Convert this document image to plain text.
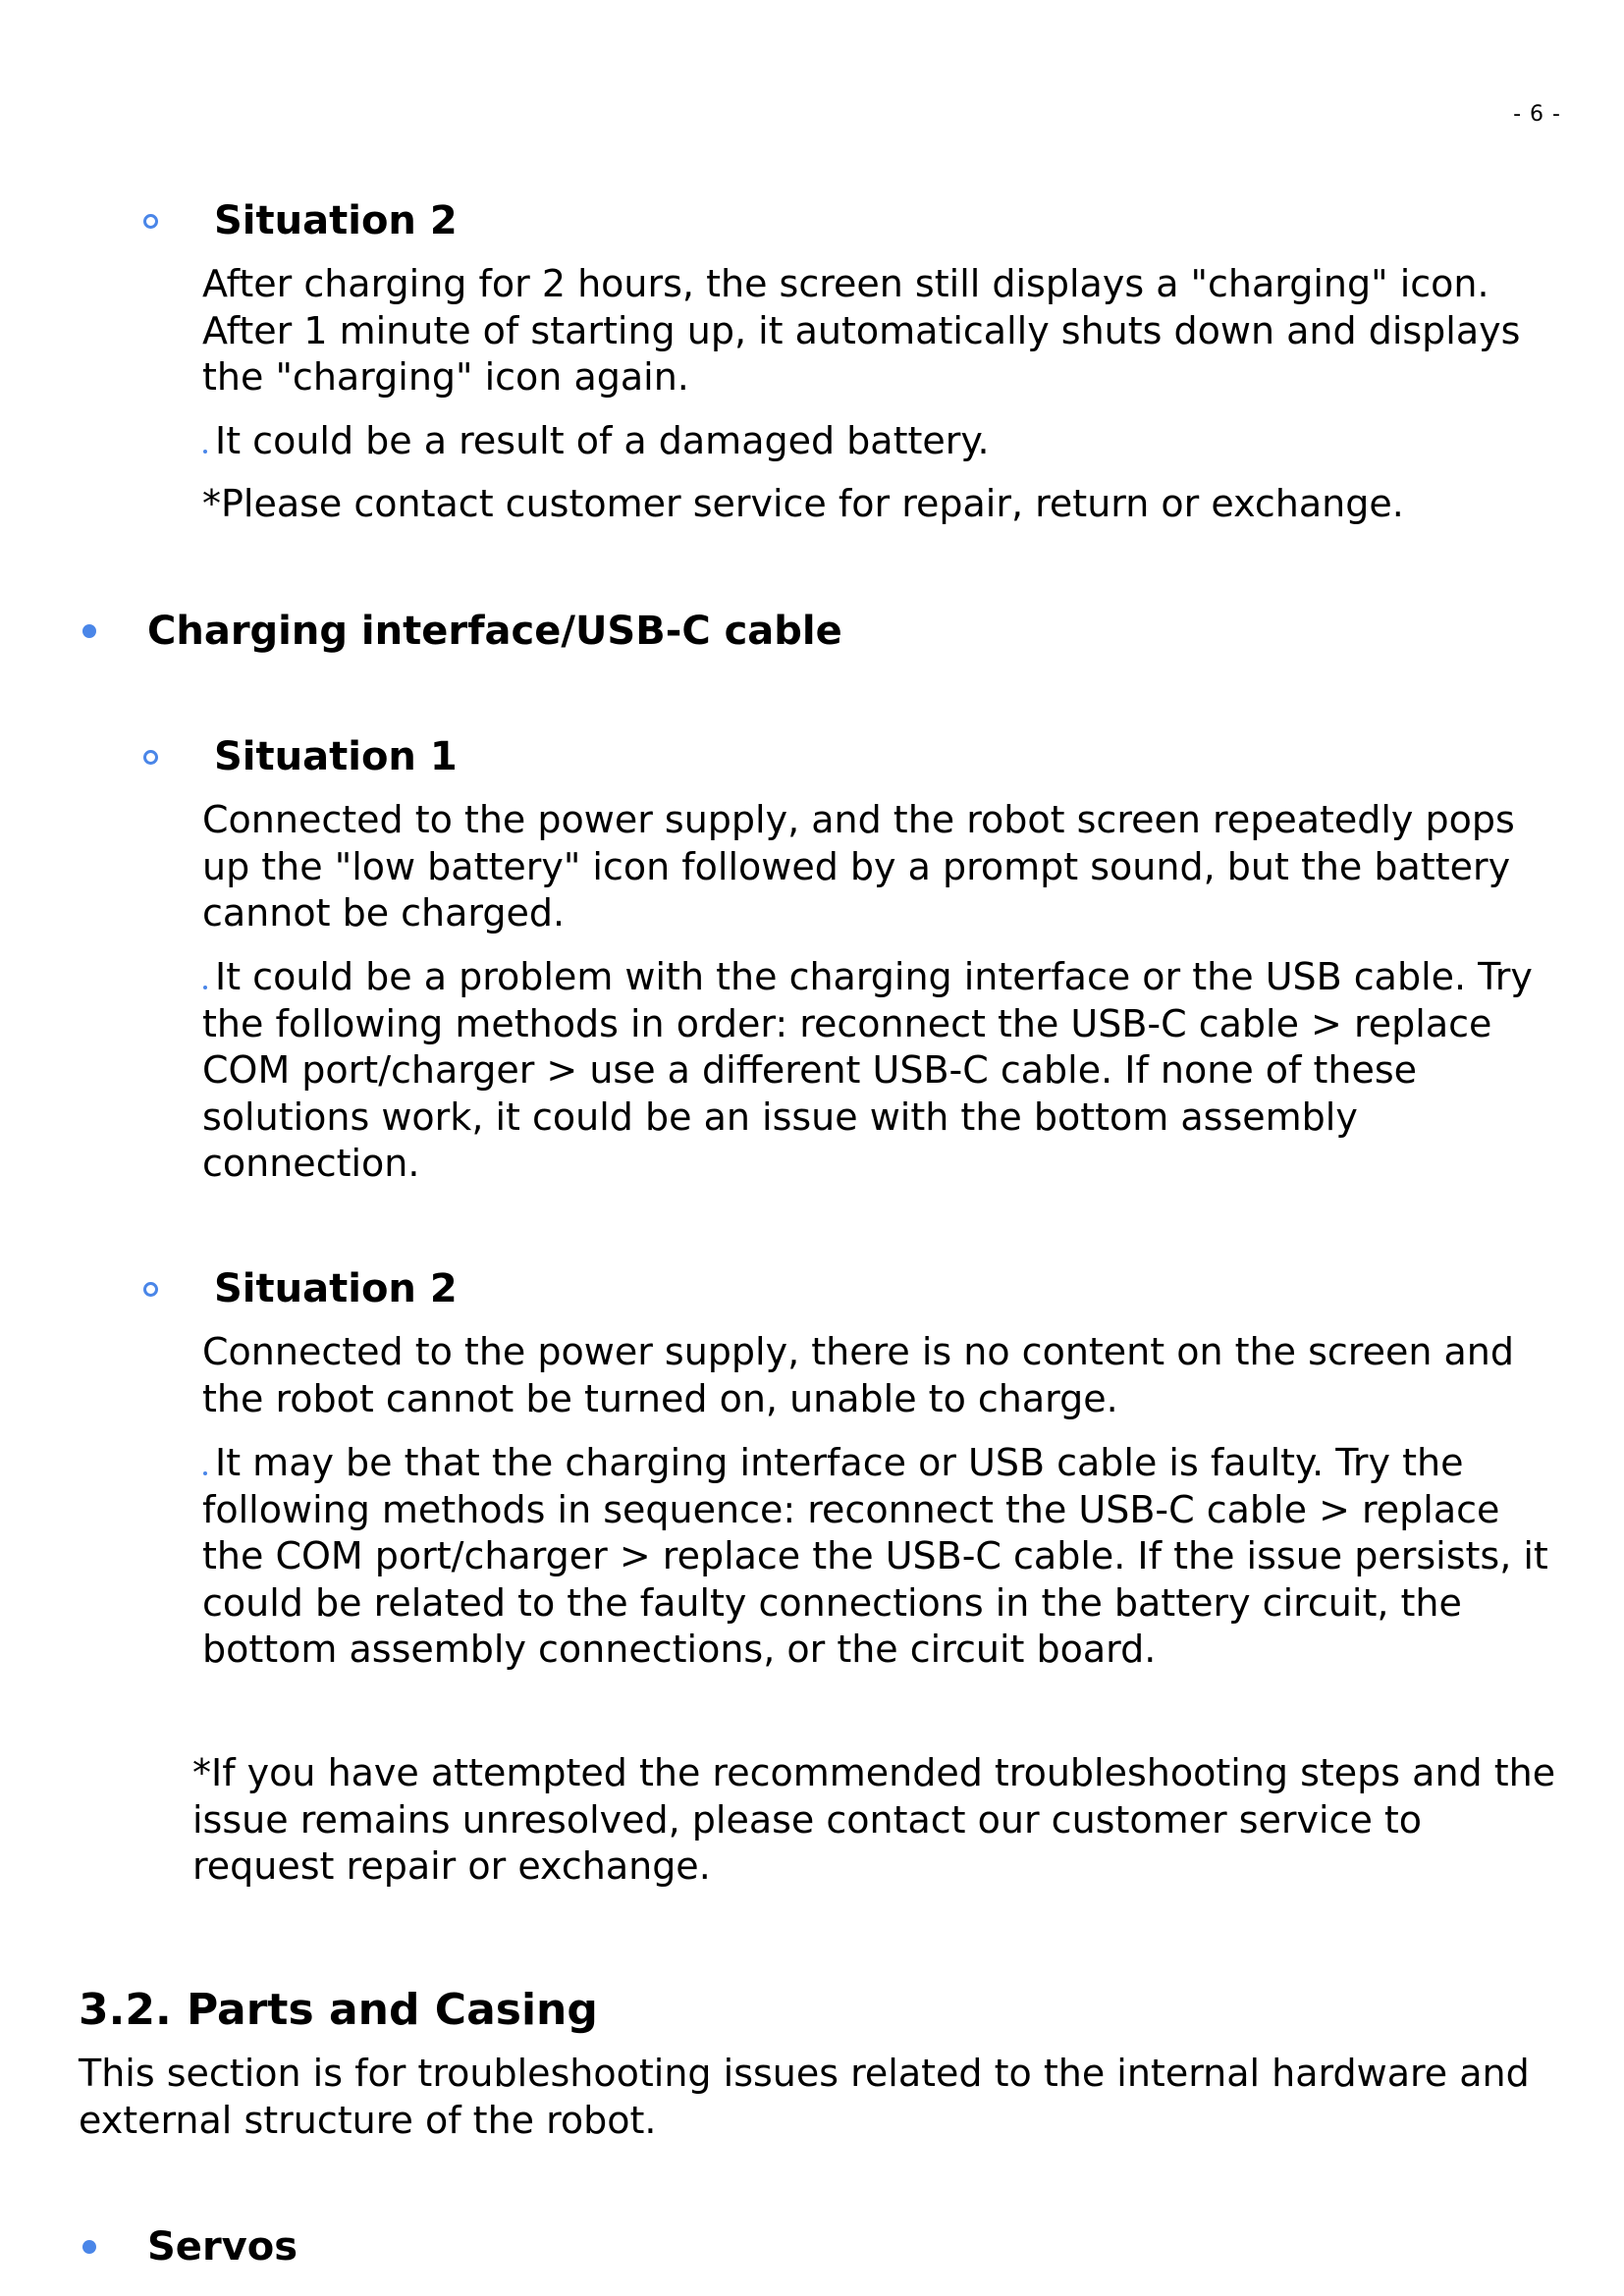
- 6 -
Situation 2
After charging for 2 hours, the screen still displays a "charging" icon. After 1 minute of starting up, it automatically shuts down and displays the "charging" icon again.
It could be a result of a damaged battery.
*Please contact customer service for repair, return or exchange.
Charging interface/USB-C cable
Situation 1
Connected to the power supply, and the robot screen repeatedly pops up the "low battery" icon followed by a prompt sound, but the battery cannot be charged.
It could be a problem with the charging interface or the USB cable. Try the following methods in order: reconnect the USB-C cable > replace COM port/charger > use a different USB-C cable. If none of these solutions work, it could be an issue with the bottom assembly connection.
Situation 2
Connected to the power supply, there is no content on the screen and the robot cannot be turned on, unable to charge.
It may be that the charging interface or USB cable is faulty. Try the following methods in sequence: reconnect the USB-C cable > replace the COM port/charger > replace the USB-C cable. If the issue persists, it could be related to the faulty connections in the battery circuit, the bottom assembly connections, or the circuit board.
*If you have attempted the recommended troubleshooting steps and the issue remains unresolved, please contact our customer service to request repair or exchange.
3.2. Parts and Casing
This section is for troubleshooting issues related to the internal hardware and external structure of the robot.
Servos
